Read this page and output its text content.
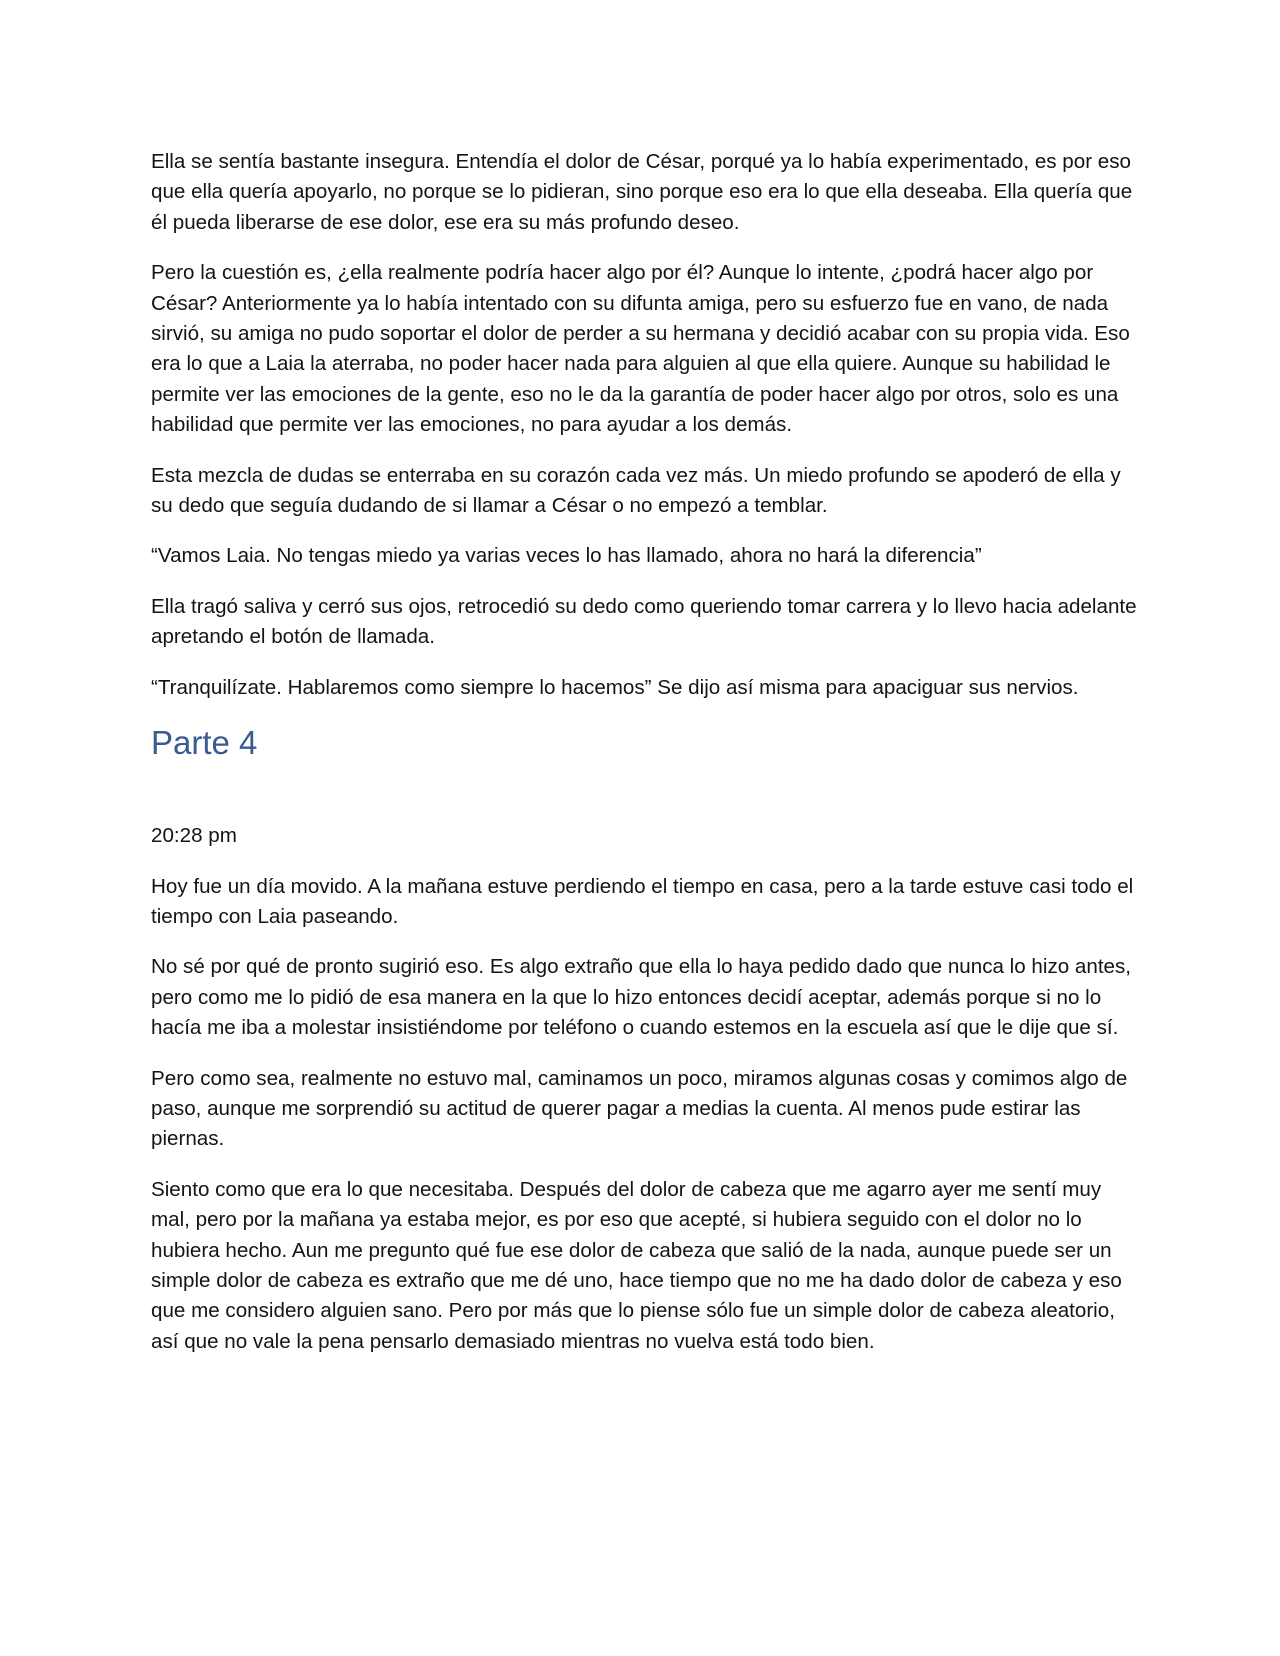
Ella se sentía bastante insegura. Entendía el dolor de César, porqué ya lo había experimentado, es por eso que ella quería apoyarlo, no porque se lo pidieran, sino porque eso era lo que ella deseaba. Ella quería que él pueda liberarse de ese dolor, ese era su más profundo deseo.

Pero la cuestión es, ¿ella realmente podría hacer algo por él? Aunque lo intente, ¿podrá hacer algo por César? Anteriormente ya lo había intentado con su difunta amiga, pero su esfuerzo fue en vano, de nada sirvió, su amiga no pudo soportar el dolor de perder a su hermana y decidió acabar con su propia vida. Eso era lo que a Laia la aterraba, no poder hacer nada para alguien al que ella quiere. Aunque su habilidad le permite ver las emociones de la gente, eso no le da la garantía de poder hacer algo por otros, solo es una habilidad que permite ver las emociones, no para ayudar a los demás.

Esta mezcla de dudas se enterraba en su corazón cada vez más. Un miedo profundo se apoderó de ella y su dedo que seguía dudando de si llamar a César o no empezó a temblar.

“Vamos Laia. No tengas miedo ya varias veces lo has llamado, ahora no hará la diferencia”

Ella tragó saliva y cerró sus ojos, retrocedió su dedo como queriendo tomar carrera y lo llevo hacia adelante apretando el botón de llamada.

“Tranquilízate. Hablaremos como siempre lo hacemos” Se dijo así misma para apaciguar sus nervios.

Parte 4

20:28 pm

Hoy fue un día movido. A la mañana estuve perdiendo el tiempo en casa, pero a la tarde estuve casi todo el tiempo con Laia paseando.

No sé por qué de pronto sugirió eso. Es algo extraño que ella lo haya pedido dado que nunca lo hizo antes, pero como me lo pidió de esa manera en la que lo hizo entonces decidí aceptar, además porque si no lo hacía me iba a molestar insistiéndome por teléfono o cuando estemos en la escuela así que le dije que sí.

Pero como sea, realmente no estuvo mal, caminamos un poco, miramos algunas cosas y comimos algo de paso, aunque me sorprendió su actitud de querer pagar a medias la cuenta. Al menos pude estirar las piernas.

Siento como que era lo que necesitaba. Después del dolor de cabeza que me agarro ayer me sentí muy mal, pero por la mañana ya estaba mejor, es por eso que acepté, si hubiera seguido con el dolor no lo hubiera hecho. Aun me pregunto qué fue ese dolor de cabeza que salió de la nada, aunque puede ser un simple dolor de cabeza es extraño que me dé uno, hace tiempo que no me ha dado dolor de cabeza y eso que me considero alguien sano. Pero por más que lo piense sólo fue un simple dolor de cabeza aleatorio, así que no vale la pena pensarlo demasiado mientras no vuelva está todo bien.
